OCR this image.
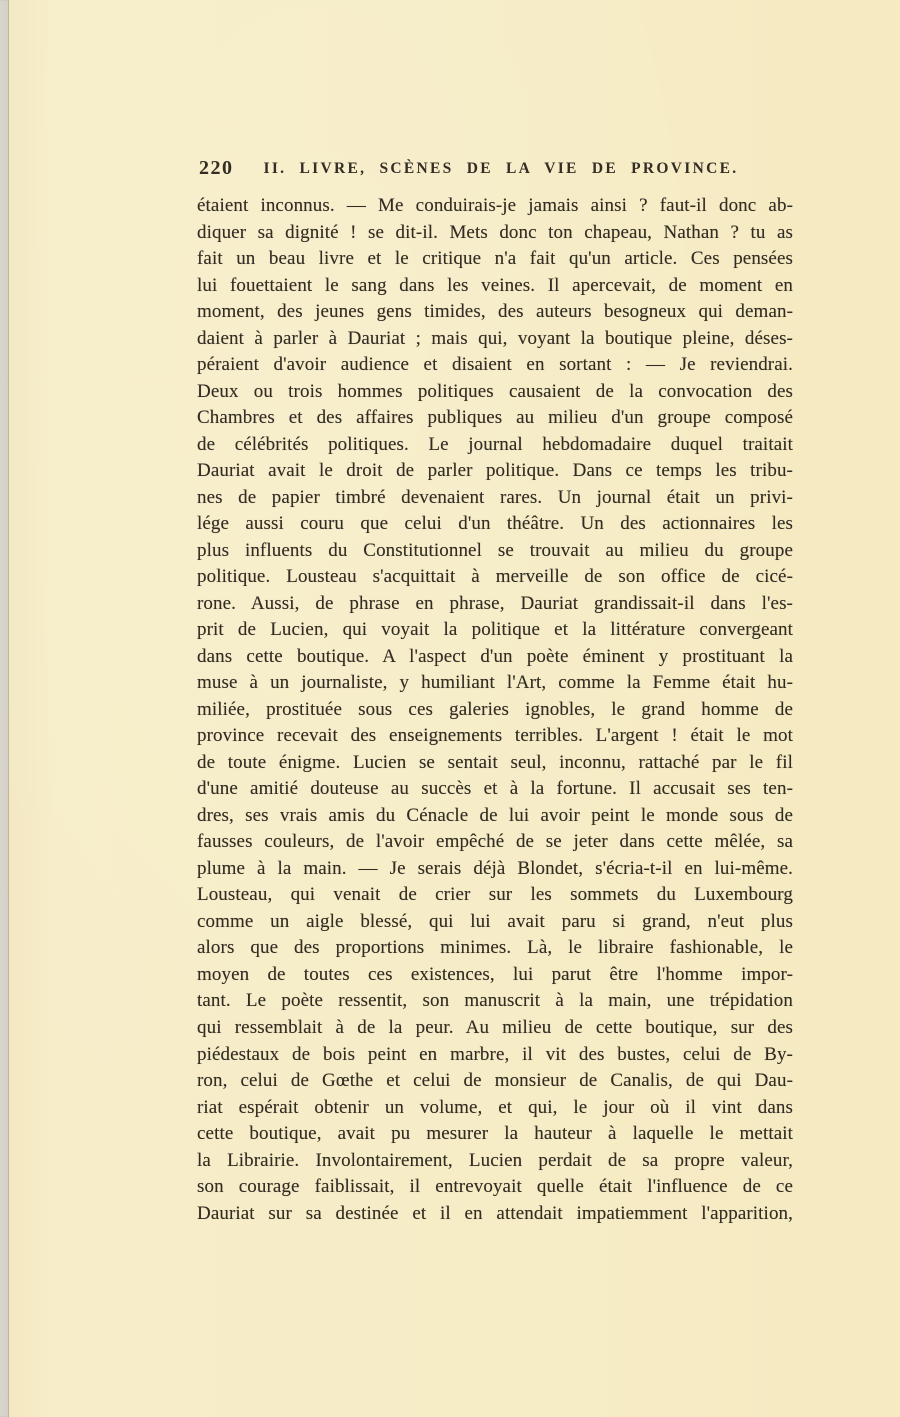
220 II. LIVRE, SCÈNES DE LA VIE DE PROVINCE.
étaient inconnus. — Me conduirais-je jamais ainsi ? faut-il donc ab-
diquer sa dignité ! se dit-il. Mets donc ton chapeau, Nathan ? tu as
fait un beau livre et le critique n'a fait qu'un article. Ces pensées
lui fouettaient le sang dans les veines. Il apercevait, de moment en
moment, des jeunes gens timides, des auteurs besogneux qui deman-
daient à parler à Dauriat ; mais qui, voyant la boutique pleine, déses-
péraient d'avoir audience et disaient en sortant : — Je reviendrai.
Deux ou trois hommes politiques causaient de la convocation des
Chambres et des affaires publiques au milieu d'un groupe composé
de célébrités politiques. Le journal hebdomadaire duquel traitait
Dauriat avait le droit de parler politique. Dans ce temps les tribu-
nes de papier timbré devenaient rares. Un journal était un privi-
lége aussi couru que celui d'un théâtre. Un des actionnaires les
plus influents du Constitutionnel se trouvait au milieu du groupe
politique. Lousteau s'acquittait à merveille de son office de cicé-
rone. Aussi, de phrase en phrase, Dauriat grandissait-il dans l'es-
prit de Lucien, qui voyait la politique et la littérature convergeant
dans cette boutique. A l'aspect d'un poète éminent y prostituant la
muse à un journaliste, y humiliant l'Art, comme la Femme était hu-
miliée, prostituée sous ces galeries ignobles, le grand homme de
province recevait des enseignements terribles. L'argent ! était le mot
de toute énigme. Lucien se sentait seul, inconnu, rattaché par le fil
d'une amitié douteuse au succès et à la fortune. Il accusait ses ten-
dres, ses vrais amis du Cénacle de lui avoir peint le monde sous de
fausses couleurs, de l'avoir empêché de se jeter dans cette mêlée, sa
plume à la main. — Je serais déjà Blondet, s'écria-t-il en lui-même.
Lousteau, qui venait de crier sur les sommets du Luxembourg
comme un aigle blessé, qui lui avait paru si grand, n'eut plus
alors que des proportions minimes. Là, le libraire fashionable, le
moyen de toutes ces existences, lui parut être l'homme impor-
tant. Le poète ressentit, son manuscrit à la main, une trépidation
qui ressemblait à de la peur. Au milieu de cette boutique, sur des
piédestaux de bois peint en marbre, il vit des bustes, celui de By-
ron, celui de Gœthe et celui de monsieur de Canalis, de qui Dau-
riat espérait obtenir un volume, et qui, le jour où il vint dans
cette boutique, avait pu mesurer la hauteur à laquelle le mettait
la Librairie. Involontairement, Lucien perdait de sa propre valeur,
son courage faiblissait, il entrevoyait quelle était l'influence de ce
Dauriat sur sa destinée et il en attendait impatiemment l'apparition,
